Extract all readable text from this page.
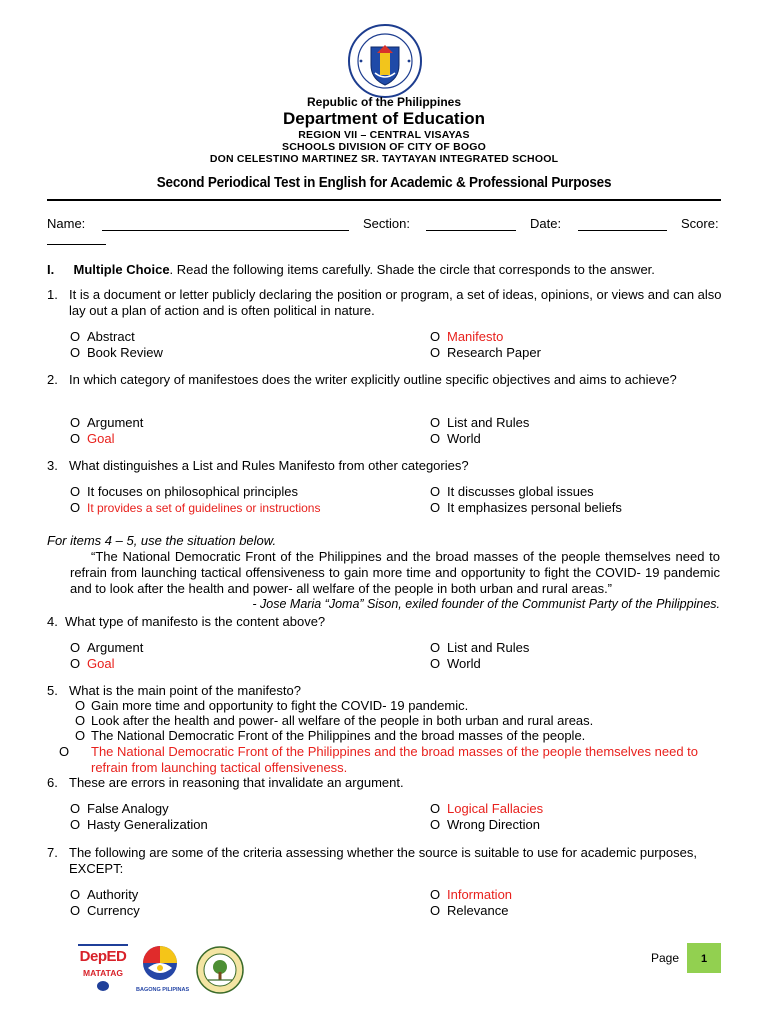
Republic of the Philippines
Department of Education
REGION VII – CENTRAL VISAYAS
SCHOOLS DIVISION OF CITY OF BOGO
DON CELESTINO MARTINEZ SR. TAYTAYAN INTEGRATED SCHOOL
Second Periodical Test in English for Academic & Professional Purposes
Name:	Section:	Date:	Score:
I. Multiple Choice. Read the following items carefully. Shade the circle that corresponds to the answer.
1. It is a document or letter publicly declaring the position or program, a set of ideas, opinions, or views and can also lay out a plan of action and is often political in nature.
O Abstract
O Book Review
O Manifesto
O Research Paper
2. In which category of manifestoes does the writer explicitly outline specific objectives and aims to achieve?
O Argument
O Goal
O List and Rules
O World
3. What distinguishes a List and Rules Manifesto from other categories?
O It focuses on philosophical principles
O It provides a set of guidelines or instructions
O It discusses global issues
O It emphasizes personal beliefs
For items 4 – 5, use the situation below.
“The National Democratic Front of the Philippines and the broad masses of the people themselves need to refrain from launching tactical offensiveness to gain more time and opportunity to fight the COVID- 19 pandemic and to look after the health and power- all welfare of the people in both urban and rural areas.”
- Jose Maria “Joma” Sison, exiled founder of the Communist Party of the Philippines.
4. What type of manifesto is the content above?
O Argument
O Goal
O List and Rules
O World
5. What is the main point of the manifesto?
O Gain more time and opportunity to fight the COVID- 19 pandemic.
O Look after the health and power- all welfare of the people in both urban and rural areas.
O The National Democratic Front of the Philippines and the broad masses of the people.
O The National Democratic Front of the Philippines and the broad masses of the people themselves need to refrain from launching tactical offensiveness.
6. These are errors in reasoning that invalidate an argument.
O False Analogy
O Hasty Generalization
O Logical Fallacies
O Wrong Direction
7. The following are some of the criteria assessing whether the source is suitable to use for academic purposes, EXCEPT:
O Authority
O Currency
O Information
O Relevance
DepED
MATATAG
BAGONG PILIPINAS
Page	1
